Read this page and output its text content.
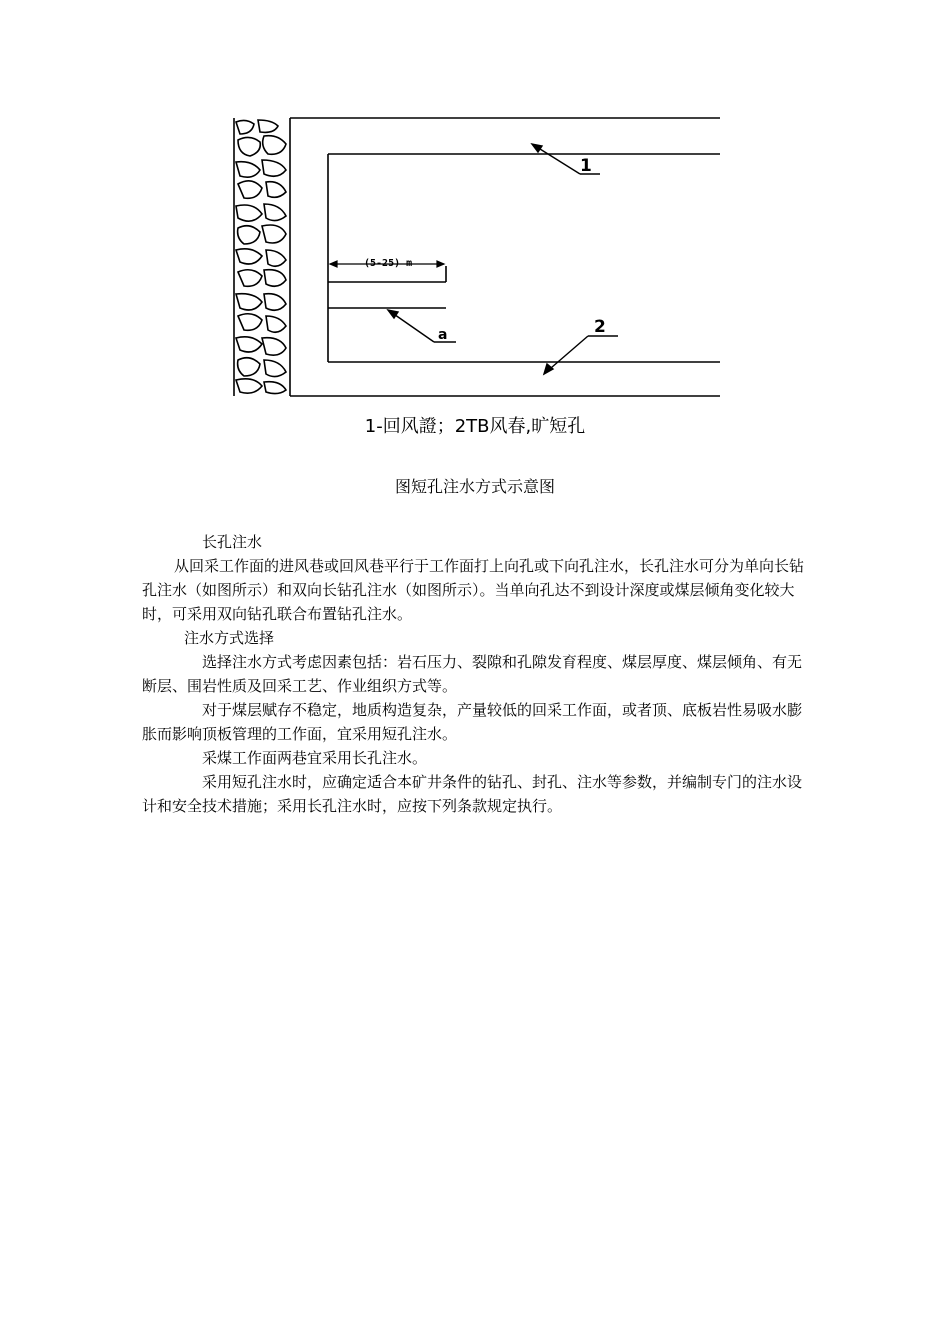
(5-25) m
1
a	2
1-回风證；2TB风春,旷短孔
图短孔注水方式示意图

长孔注水

从回采工作面的进风巷或回风巷平行于工作面打上向孔或下向孔注水，长孔注水可分为单向长钻孔注水（如图所示）和双向长钻孔注水（如图所示）。当单向孔达不到设计深度或煤层倾角变化较大时，可采用双向钻孔联合布置钻孔注水。

注水方式选择

选择注水方式考虑因素包括：岩石压力、裂隙和孔隙发育程度、煤层厚度、煤层倾角、有无断层、围岩性质及回采工艺、作业组织方式等。

对于煤层赋存不稳定，地质构造复杂，产量较低的回采工作面，或者顶、底板岩性易吸水膨胀而影响顶板管理的工作面，宜采用短孔注水。

采煤工作面两巷宜采用长孔注水。

采用短孔注水时，应确定适合本矿井条件的钻孔、封孔、注水等参数，并编制专门的注水设计和安全技术措施；采用长孔注水时，应按下列条款规定执行。
